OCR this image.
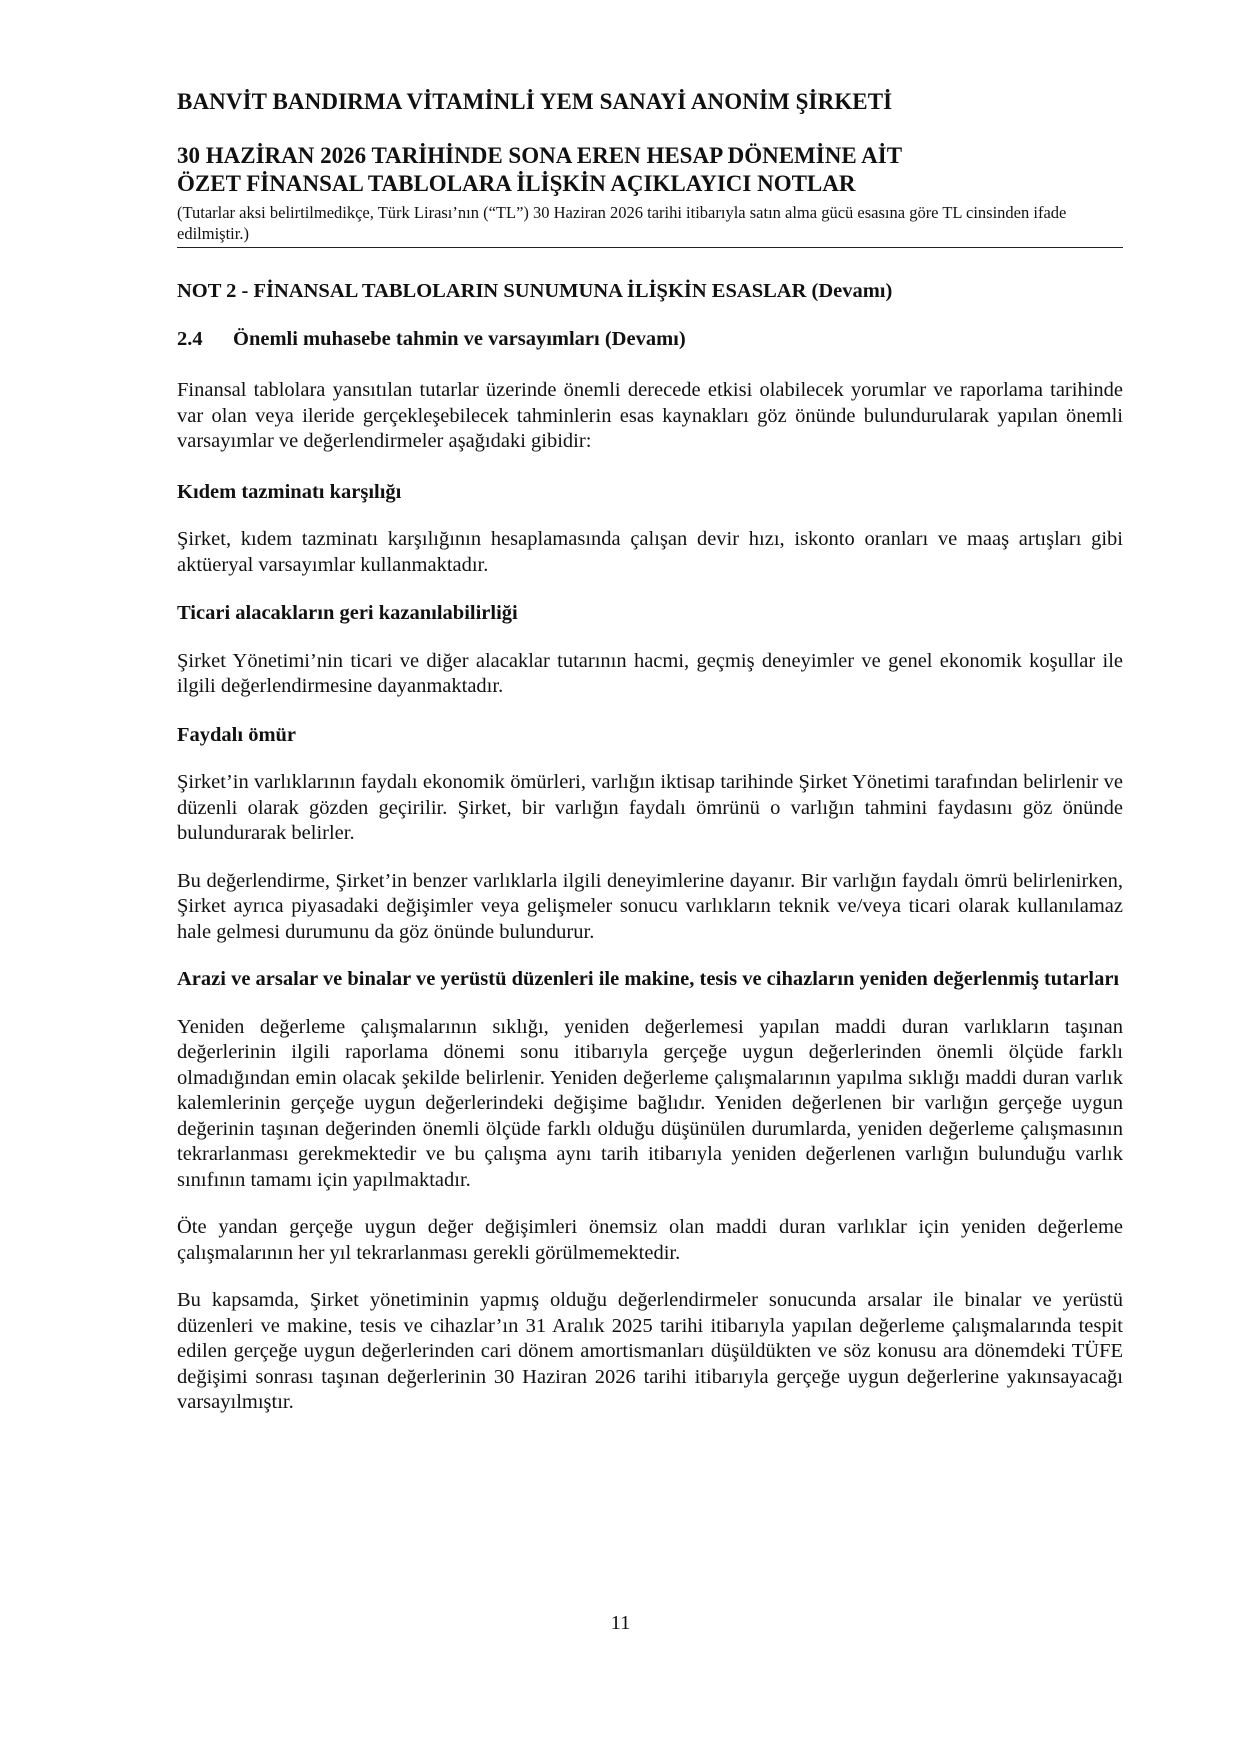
BANVİT BANDIRMA VİTAMİNLİ YEM SANAYİ ANONİM ŞİRKETİ
30 HAZİRAN 2026 TARİHİNDE SONA EREN HESAP DÖNEMİNE AİT
ÖZET FİNANSAL TABLOLARA İLİŞKİN AÇIKLAYICI NOTLAR
(Tutarlar aksi belirtilmedikçe, Türk Lirası’nın (“TL”) 30 Haziran 2026 tarihi itibarıyla satın alma gücü esasına göre TL cinsinden ifade edilmiştir.)
NOT 2 - FİNANSAL TABLOLARIN SUNUMUNA İLİŞKİN ESASLAR (Devamı)
2.4	Önemli muhasebe tahmin ve varsayımları (Devamı)

Finansal tablolara yansıtılan tutarlar üzerinde önemli derecede etkisi olabilecek yorumlar ve raporlama tarihinde var olan veya ileride gerçekleşebilecek tahminlerin esas kaynakları göz önünde bulundurularak yapılan önemli varsayımlar ve değerlendirmeler aşağıdaki gibidir:

Kıdem tazminatı karşılığı

Şirket, kıdem tazminatı karşılığının hesaplamasında çalışan devir hızı, iskonto oranları ve maaş artışları gibi aktüeryal varsayımlar kullanmaktadır.

Ticari alacakların geri kazanılabilirliği

Şirket Yönetimi’nin ticari ve diğer alacaklar tutarının hacmi, geçmiş deneyimler ve genel ekonomik koşullar ile ilgili değerlendirmesine dayanmaktadır.

Faydalı ömür

Şirket’in varlıklarının faydalı ekonomik ömürleri, varlığın iktisap tarihinde Şirket Yönetimi tarafından belirlenir ve düzenli olarak gözden geçirilir. Şirket, bir varlığın faydalı ömrünü o varlığın tahmini faydasını göz önünde bulundurarak belirler.

Bu değerlendirme, Şirket’in benzer varlıklarla ilgili deneyimlerine dayanır. Bir varlığın faydalı ömrü belirlenirken, Şirket ayrıca piyasadaki değişimler veya gelişmeler sonucu varlıkların teknik ve/veya ticari olarak kullanılamaz hale gelmesi durumunu da göz önünde bulundurur.

Arazi ve arsalar ve binalar ve yerüstü düzenleri ile makine, tesis ve cihazların yeniden değerlenmiş tutarları

Yeniden değerleme çalışmalarının sıklığı, yeniden değerlemesi yapılan maddi duran varlıkların taşınan değerlerinin ilgili raporlama dönemi sonu itibarıyla gerçeğe uygun değerlerinden önemli ölçüde farklı olmadığından emin olacak şekilde belirlenir. Yeniden değerleme çalışmalarının yapılma sıklığı maddi duran varlık kalemlerinin gerçeğe uygun değerlerindeki değişime bağlıdır. Yeniden değerlenen bir varlığın gerçeğe uygun değerinin taşınan değerinden önemli ölçüde farklı olduğu düşünülen durumlarda, yeniden değerleme çalışmasının tekrarlanması gerekmektedir ve bu çalışma aynı tarih itibarıyla yeniden değerlenen varlığın bulunduğu varlık sınıfının tamamı için yapılmaktadır.

Öte yandan gerçeğe uygun değer değişimleri önemsiz olan maddi duran varlıklar için yeniden değerleme çalışmalarının her yıl tekrarlanması gerekli görülmemektedir.

Bu kapsamda, Şirket yönetiminin yapmış olduğu değerlendirmeler sonucunda arsalar ile binalar ve yerüstü düzenleri ve makine, tesis ve cihazlar’ın 31 Aralık 2025 tarihi itibarıyla yapılan değerleme çalışmalarında tespit edilen gerçeğe uygun değerlerinden cari dönem amortismanları düşüldükten ve söz konusu ara dönemdeki TÜFE değişimi sonrası taşınan değerlerinin 30 Haziran 2026 tarihi itibarıyla gerçeğe uygun değerlerine yakınsayacağı varsayılmıştır.

11
